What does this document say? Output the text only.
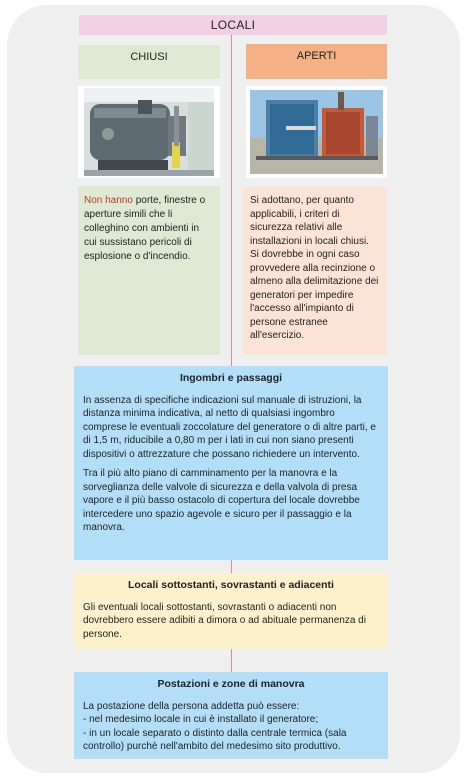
LOCALI
CHIUSI	APERTI
Non hanno porte, finestre o aperture simili che li colleghino con ambienti in cui sussistano pericoli di esplosione o d'incendio.
Si adottano, per quanto applicabili, i criteri di sicurezza relativi alle installazioni in locali chiusi. Si dovrebbe in ogni caso provvedere alla recinzione o almeno alla delimitazione dei generatori per impedire l'accesso all'impianto di persone estranee all'esercizio.
Ingombri e passaggi

In assenza di specifiche indicazioni sul manuale di istruzioni, la distanza minima indicativa, al netto di qualsiasi ingombro comprese le eventuali zoccolature del generatore o di altre parti, e di 1,5 m, riducibile a 0,80 m per i lati in cui non siano presenti dispositivi o attrezzature che possano richiedere un intervento.

Tra il più alto piano di camminamento per la manovra e la sorveglianza delle valvole di sicurezza e della valvola di presa vapore e il più basso ostacolo di copertura del locale dovrebbe intercedere uno spazio agevole e sicuro per il passaggio e la manovra.

Locali sottostanti, sovrastanti e adiacenti

Gli eventuali locali sottostanti, sovrastanti o adiacenti non dovrebbero essere adibiti a dimora o ad abituale permanenza di persone.

Postazioni e zone di manovra
La postazione della persona addetta può essere:
- nel medesimo locale in cui è installato il generatore;
- in un locale separato o distinto dalla centrale termica (sala controllo) purchè nell'ambito del medesimo sito produttivo.
